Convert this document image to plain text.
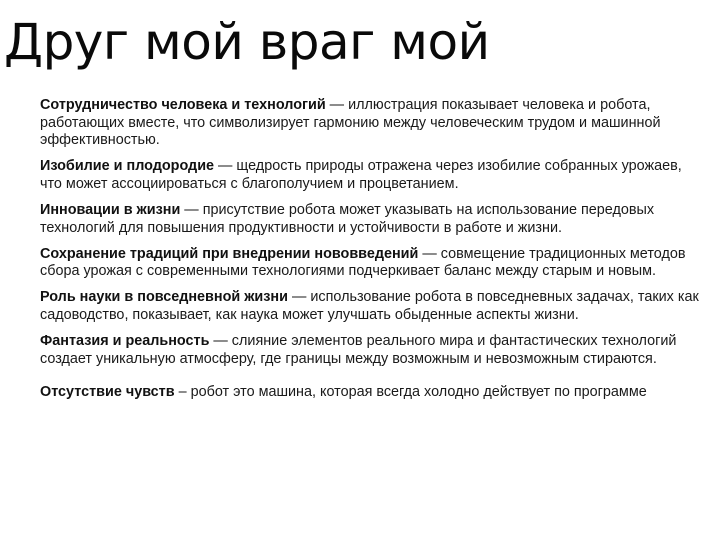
Друг мой враг мой

Сотрудничество человека и технологий — иллюстрация показывает человека и робота, работающих вместе, что символизирует гармонию между человеческим трудом и машинной эффективностью.

Изобилие и плодородие — щедрость природы отражена через изобилие собранных урожаев, что может ассоциироваться с благополучием и процветанием.

Инновации в жизни — присутствие робота может указывать на использование передовых технологий для повышения продуктивности и устойчивости в работе и жизни.

Сохранение традиций при внедрении нововведений — совмещение традиционных методов сбора урожая с современными технологиями подчеркивает баланс между старым и новым.

Роль науки в повседневной жизни — использование робота в повседневных задачах, таких как садоводство, показывает, как наука может улучшать обыденные аспекты жизни.

Фантазия и реальность — слияние элементов реального мира и фантастических технологий создает уникальную атмосферу, где границы между возможным и невозможным стираются.

Отсутствие чувств – робот это машина, которая всегда холодно действует по программе
